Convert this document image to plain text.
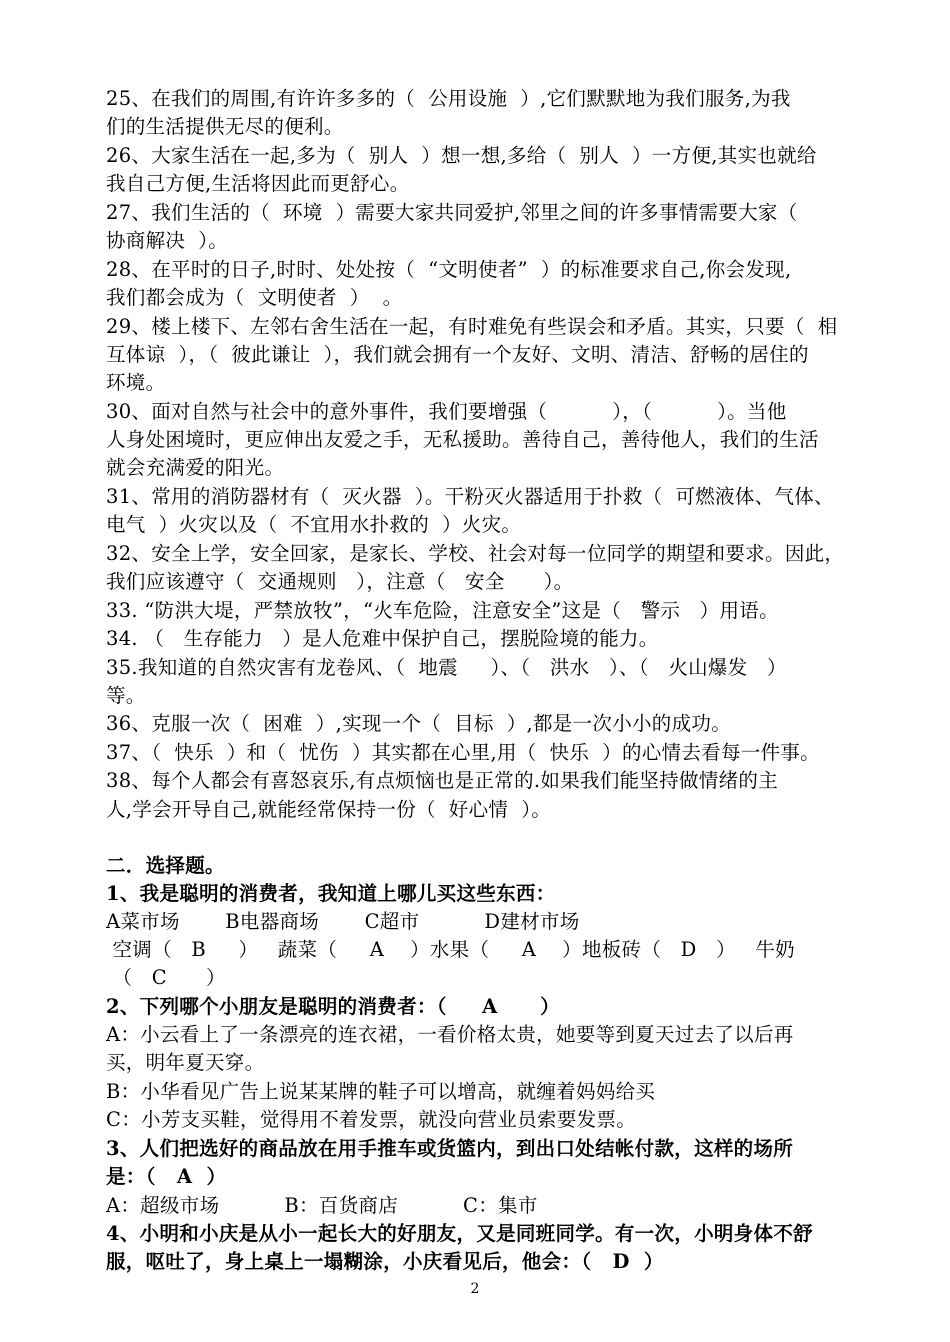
25、在我们的周围,有许许多多的（  公用设施  ）,它们默默地为我们服务,为我

们的生活提供无尽的便利。

26、大家生活在一起,多为（  别人  ）想一想,多给（  别人  ）一方便,其实也就给

我自己方便,生活将因此而更舒心。

27、我们生活的（  环境  ）需要大家共同爱护,邻里之间的许多事情需要大家（

协商解决  ）。

28、在平时的日子,时时、处处按（  “文明使者”  ）的标准要求自己,你会发现,

我们都会成为（  文明使者  ）  。

29、楼上楼下、左邻右舍生活在一起，有时难免有些误会和矛盾。其实，只要（  相

互体谅  ），（  彼此谦让  ），我们就会拥有一个友好、文明、清洁、舒畅的居住的

环境。

30、面对自然与社会中的意外事件，我们要增强（          ），（          ）。当他

人身处困境时，更应伸出友爱之手，无私援助。善待自己，善待他人，我们的生活

就会充满爱的阳光。

31、常用的消防器材有（  灭火器  ）。干粉灭火器适用于扑救（  可燃液体、气体、

电气  ）火灾以及（  不宜用水扑救的  ）火灾。

32、安全上学，安全回家，是家长、学校、社会对每一位同学的期望和要求。因此，

我们应该遵守（  交通规则   ），注意（   安全      ）。

33. “防洪大堤，严禁放牧”，“火车危险，注意安全”这是（   警示   ）用语。

34. （   生存能力   ）是人危难中保护自己，摆脱险境的能力。

35.我知道的自然灾害有龙卷风、（  地震     ）、（   洪水   ）、（   火山爆发   ）

等。

36、克服一次（  困难  ）,实现一个（  目标  ）,都是一次小小的成功。

37、（  快乐  ）和（  忧伤  ）其实都在心里,用（  快乐  ）的心情去看每一件事。

38、每个人都会有喜怒哀乐,有点烦恼也是正常的.如果我们能坚持做情绪的主

人,学会开导自己,就能经常保持一份（  好心情  ）。

二．选择题。

1、我是聪明的消费者，我知道上哪儿买这些东西：

A菜市场       B电器商场       C超市          D建材市场

空调（   B     ）   蔬菜（     A    ）水果（     A    ）地板砖（   D   ）   牛奶

（   C      ）

2、下列哪个小朋友是聪明的消费者：（     A      ）

A：小云看上了一条漂亮的连衣裙，一看价格太贵，她要等到夏天过去了以后再

买，明年夏天穿。

B：小华看见广告上说某某牌的鞋子可以增高，就缠着妈妈给买

C：小芳支买鞋，觉得用不着发票，就没向营业员索要发票。

3、人们把选好的商品放在用手推车或货篮内，到出口处结帐付款，这样的场所

是：（   A  ）

A：超级市场          B：百货商店          C：集市

4、小明和小庆是从小一起长大的好朋友，又是同班同学。有一次，小明身体不舒

服，呕吐了，身上桌上一塌糊涂，小庆看见后，他会：（   D  ）

2
